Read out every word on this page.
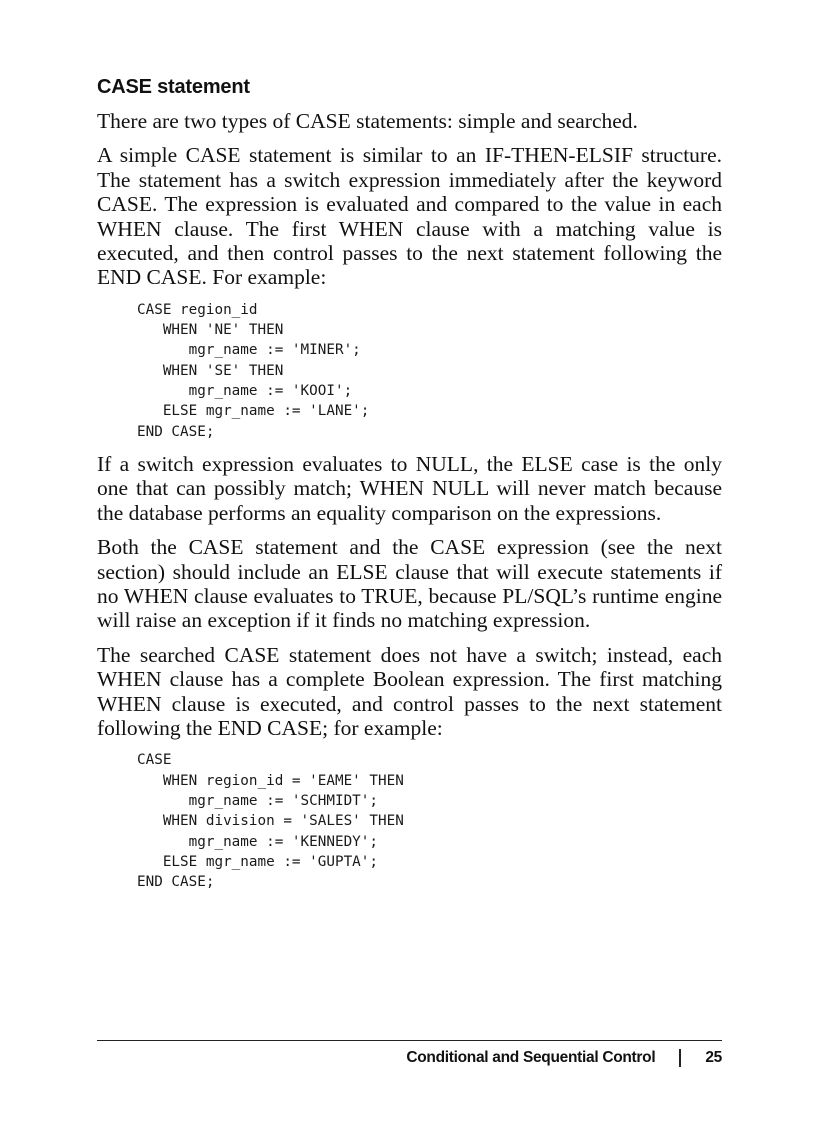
CASE statement

There are two types of CASE statements: simple and searched.

A simple CASE statement is similar to an IF-THEN-ELSIF structure. The statement has a switch expression immediately after the keyword CASE. The expression is evaluated and compared to the value in each WHEN clause. The first WHEN clause with a matching value is executed, and then control passes to the next statement following the END CASE. For example:

CASE region_id
WHEN 'NE' THEN
mgr_name := 'MINER';
WHEN 'SE' THEN
mgr_name := 'KOOI';
ELSE mgr_name := 'LANE';
END CASE;

If a switch expression evaluates to NULL, the ELSE case is the only one that can possibly match; WHEN NULL will never match because the database performs an equality comparison on the expressions.

Both the CASE statement and the CASE expression (see the next section) should include an ELSE clause that will execute statements if no WHEN clause evaluates to TRUE, because PL/SQL’s runtime engine will raise an exception if it finds no matching expression.

The searched CASE statement does not have a switch; instead, each WHEN clause has a complete Boolean expression. The first matching WHEN clause is executed, and control passes to the next statement following the END CASE; for example:

CASE
WHEN region_id = 'EAME' THEN
mgr_name := 'SCHMIDT';
WHEN division = 'SALES' THEN
mgr_name := 'KENNEDY';
ELSE mgr_name := 'GUPTA';
END CASE;
Conditional and Sequential Control	25
